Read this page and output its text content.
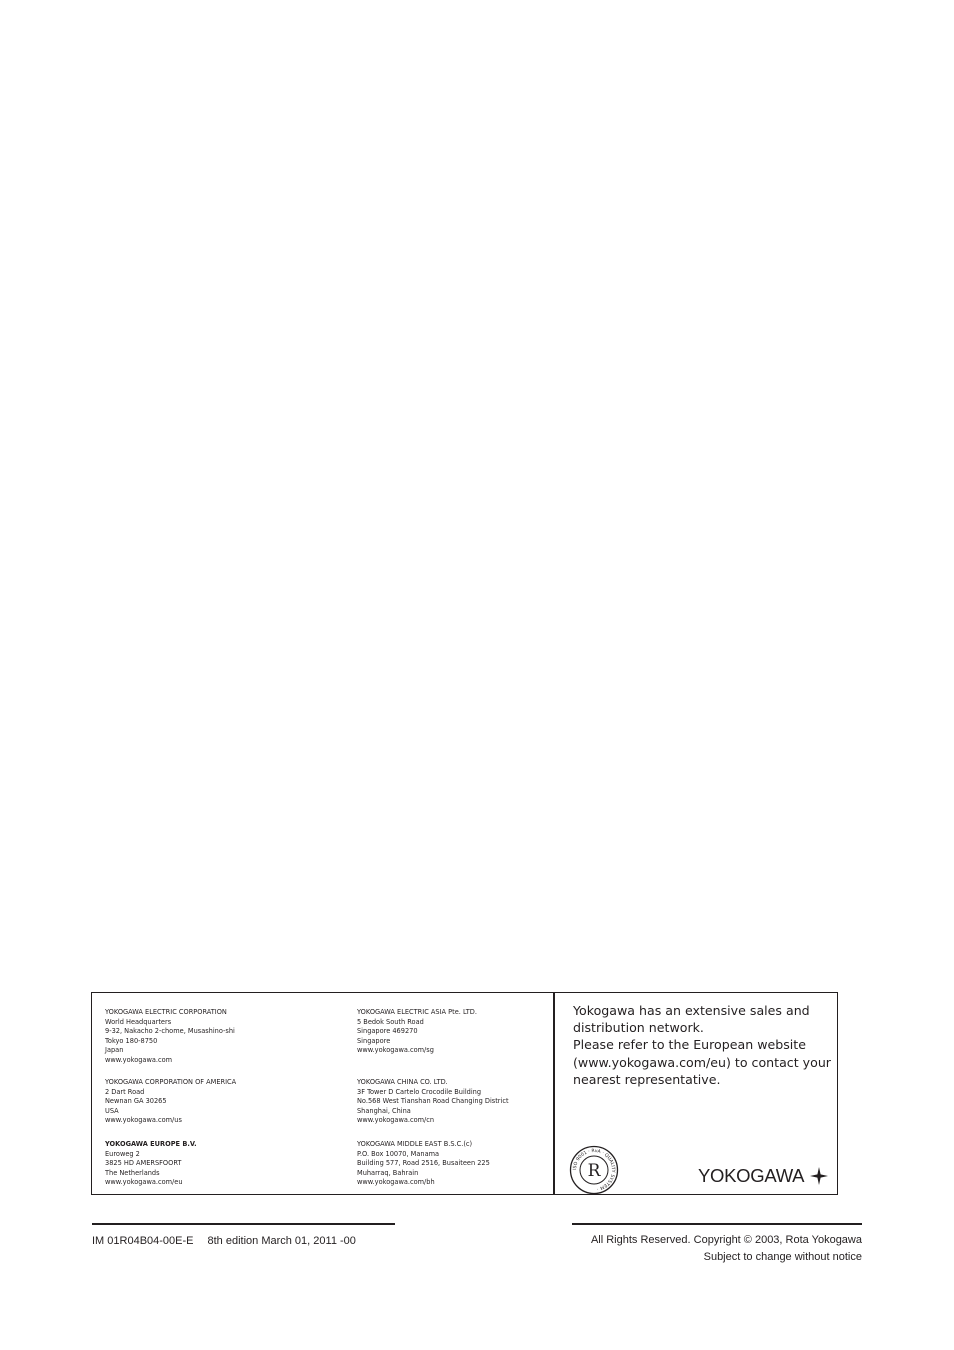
YOKOGAWA ELECTRIC CORPORATION
World Headquarters
9-32, Nakacho 2-chome, Musashino-shi
Tokyo 180-8750
Japan
www.yokogawa.com
YOKOGAWA CORPORATION OF AMERICA
2 Dart Road
Newnan GA 30265
USA
www.yokogawa.com/us
YOKOGAWA EUROPE B.V.
Euroweg 2
3825 HD AMERSFOORT
The Netherlands
www.yokogawa.com/eu
YOKOGAWA ELECTRIC ASIA Pte. LTD.
5 Bedok South Road
Singapore 469270
Singapore
www.yokogawa.com/sg
YOKOGAWA CHINA CO. LTD.
3F Tower D Cartelo Crocodile Building
No.568 West Tianshan Road Changing District
Shanghai, China
www.yokogawa.com/cn
YOKOGAWA MIDDLE EAST B.S.C.(c)
P.O. Box 10070, Manama
Building 577, Road 2516, Busaiteen 225
Muharraq, Bahrain
www.yokogawa.com/bh
Yokogawa has an extensive sales and
distribution network.
Please refer to the European website
(www.yokogawa.com/eu) to contact your
nearest representative.
ISO 9001 · RvA · QUALITY SYSTEM ·
R	YOKOGAWA
IM 01R04B04-00E-E 8th edition March 01, 2011 -00	All Rights Reserved. Copyright © 2003, Rota Yokogawa
Subject to change without notice
